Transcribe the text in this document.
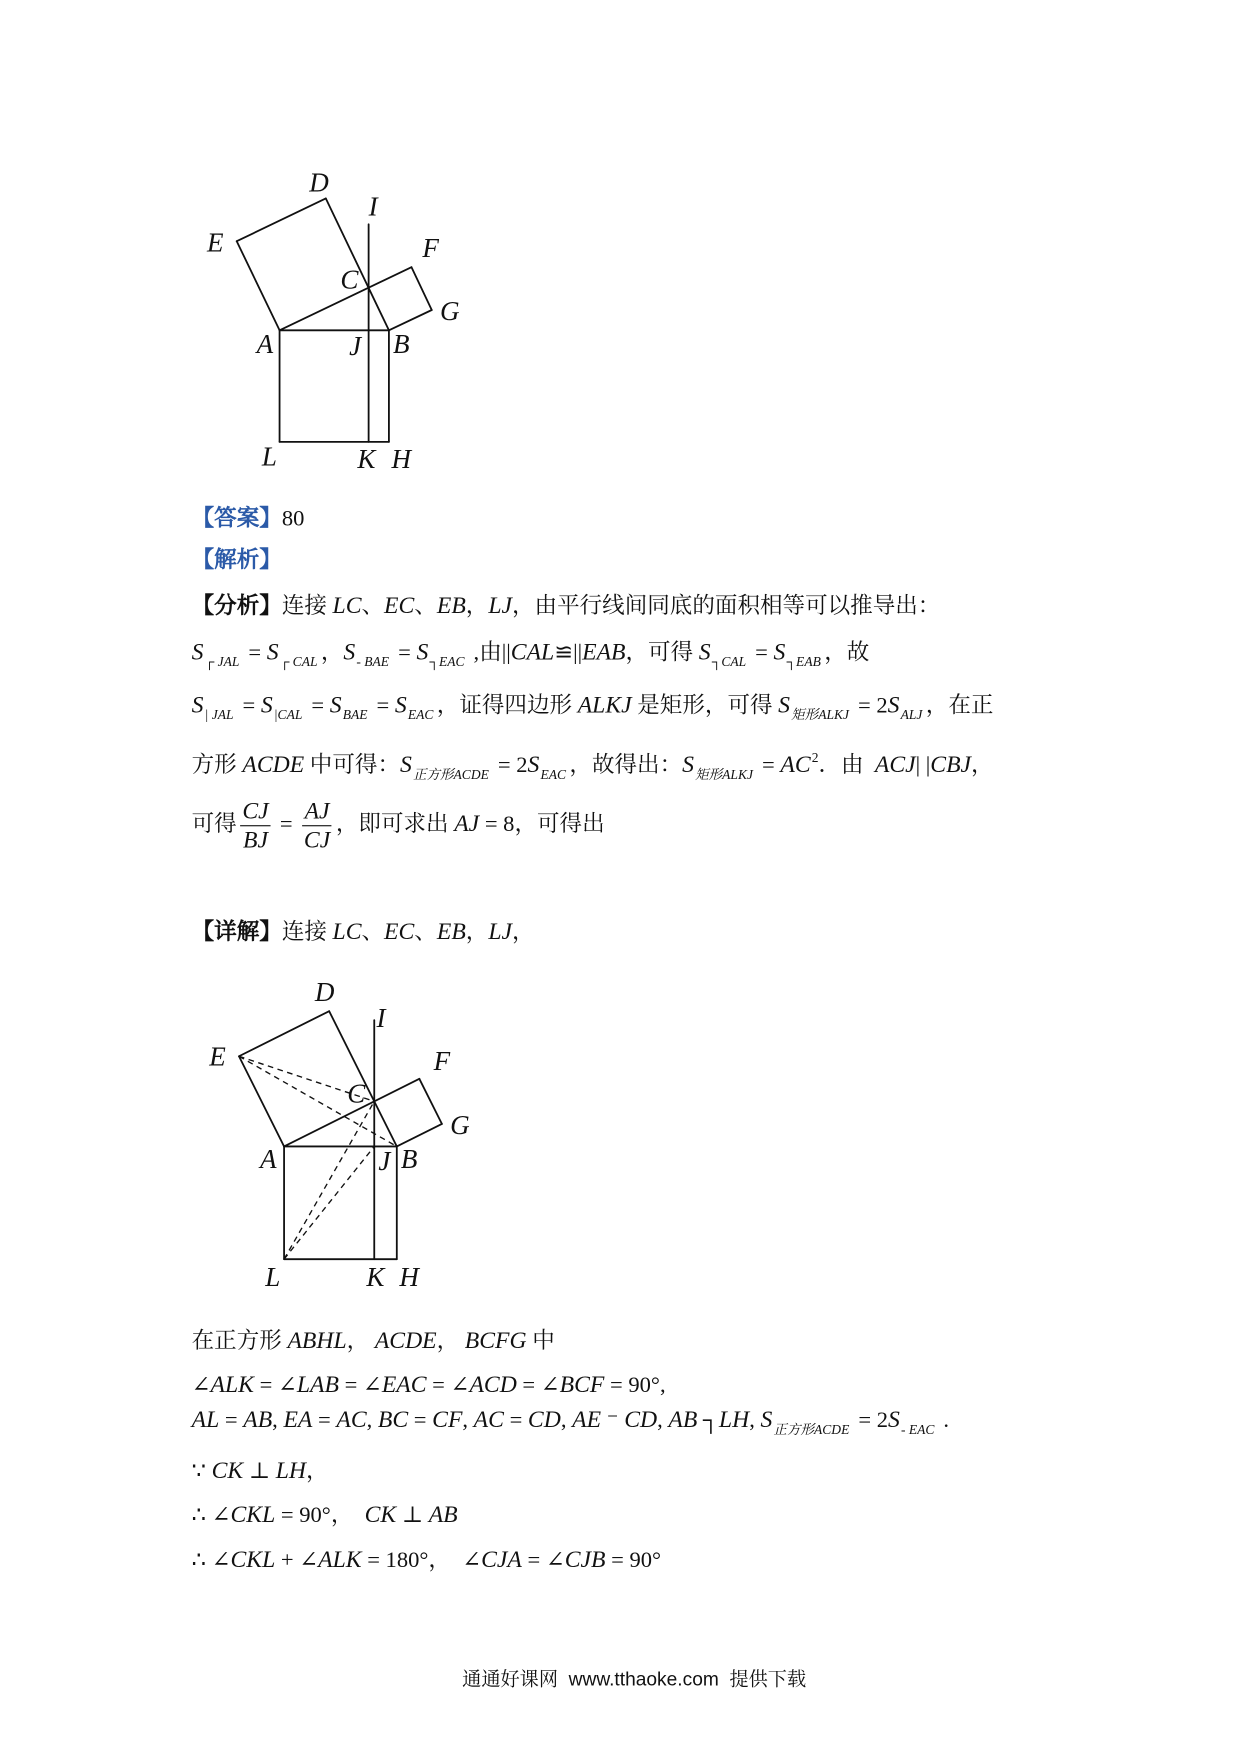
D
I
E	F
C
G
A	J B
L	K H
【答案】80
【解析】
【分析】连接 LC、EC、EB，LJ，由平行线间同底的面积相等可以推导出：
$S_{┌ JAL} = S_{┌ CAL}$ ，$S_{‑ BAE} = S_{┐EAC}$ ,由||CAL≌||EAB，可得 $S_{┐CAL} = S_{┐EAB}$ ，故
$S_{| JAL} = S_{|CAL} = S_{BAE} = S_{EAC}$ ，证得四边形 ALKJ 是矩形，可得 $S_{矩形ALKJ} = 2S_{ALJ}$ ，在正
方形 ACDE 中可得：$S_{正方形ACDE} = 2S_{EAC}$ ，故得出：$S_{矩形ALKJ} = AC^2$．由  ACJ| |CBJ，
可得 $\frac{CJ}{BJ} = \frac{AJ}{CJ}$ ，即可求出 AJ = 8，可得出
【详解】连接 LC、EC、EB，LJ，
D
I
E	F
C
G
A	J B
L	K H
在正方形 ABHL， ACDE， BCFG 中
∠ALK = ∠LAB = ∠EAC = ∠ACD = ∠BCF = 90°,
AL = AB, EA = AC, BC = CF, AC = CD, AE ⁻ CD, AB ┐LH, $S_{正方形ACDE} = 2S_{‑ EAC}$ .
∵ CK ⊥ LH，
∴ ∠CKL = 90°，  CK ⊥ AB
∴ ∠CKL + ∠ALK = 180°，  ∠CJA = ∠CJB = 90°
通通好课网  www.tthaoke.com  提供下载
